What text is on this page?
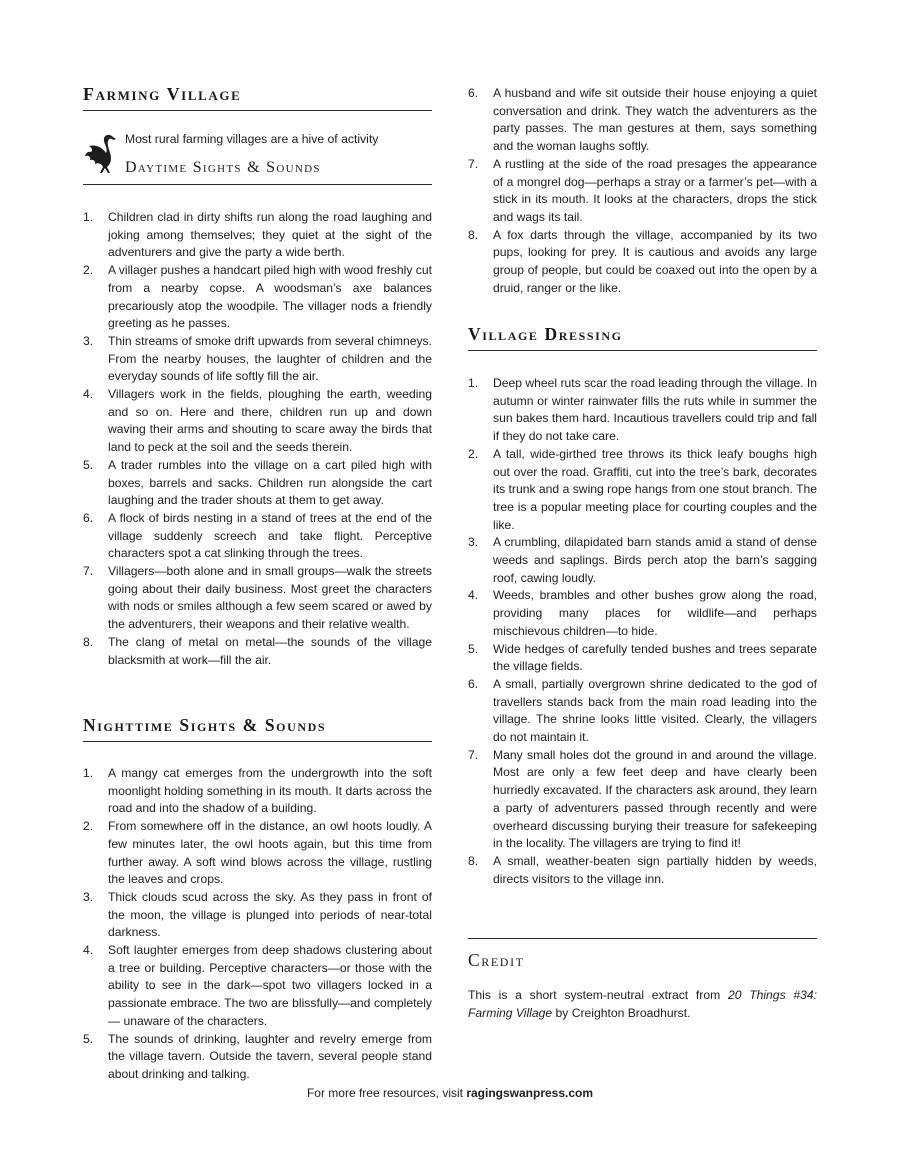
Farming Village
Most rural farming villages are a hive of activity
Daytime Sights & Sounds
1. Children clad in dirty shifts run along the road laughing and joking among themselves; they quiet at the sight of the adventurers and give the party a wide berth.
2. A villager pushes a handcart piled high with wood freshly cut from a nearby copse. A woodsman’s axe balances precariously atop the woodpile. The villager nods a friendly greeting as he passes.
3. Thin streams of smoke drift upwards from several chimneys. From the nearby houses, the laughter of children and the everyday sounds of life softly fill the air.
4. Villagers work in the fields, ploughing the earth, weeding and so on. Here and there, children run up and down waving their arms and shouting to scare away the birds that land to peck at the soil and the seeds therein.
5. A trader rumbles into the village on a cart piled high with boxes, barrels and sacks. Children run alongside the cart laughing and the trader shouts at them to get away.
6. A flock of birds nesting in a stand of trees at the end of the village suddenly screech and take flight. Perceptive characters spot a cat slinking through the trees.
7. Villagers—both alone and in small groups—walk the streets going about their daily business. Most greet the characters with nods or smiles although a few seem scared or awed by the adventurers, their weapons and their relative wealth.
8. The clang of metal on metal—the sounds of the village blacksmith at work—fill the air.
Nighttime Sights & Sounds
1. A mangy cat emerges from the undergrowth into the soft moonlight holding something in its mouth. It darts across the road and into the shadow of a building.
2. From somewhere off in the distance, an owl hoots loudly. A few minutes later, the owl hoots again, but this time from further away. A soft wind blows across the village, rustling the leaves and crops.
3. Thick clouds scud across the sky. As they pass in front of the moon, the village is plunged into periods of near-total darkness.
4. Soft laughter emerges from deep shadows clustering about a tree or building. Perceptive characters—or those with the ability to see in the dark—spot two villagers locked in a passionate embrace. The two are blissfully—and completely— unaware of the characters.
5. The sounds of drinking, laughter and revelry emerge from the village tavern. Outside the tavern, several people stand about drinking and talking.
6. A husband and wife sit outside their house enjoying a quiet conversation and drink. They watch the adventurers as the party passes. The man gestures at them, says something and the woman laughs softly.
7. A rustling at the side of the road presages the appearance of a mongrel dog—perhaps a stray or a farmer’s pet—with a stick in its mouth. It looks at the characters, drops the stick and wags its tail.
8. A fox darts through the village, accompanied by its two pups, looking for prey. It is cautious and avoids any large group of people, but could be coaxed out into the open by a druid, ranger or the like.
Village Dressing
1. Deep wheel ruts scar the road leading through the village. In autumn or winter rainwater fills the ruts while in summer the sun bakes them hard. Incautious travellers could trip and fall if they do not take care.
2. A tall, wide-girthed tree throws its thick leafy boughs high out over the road. Graffiti, cut into the tree’s bark, decorates its trunk and a swing rope hangs from one stout branch. The tree is a popular meeting place for courting couples and the like.
3. A crumbling, dilapidated barn stands amid a stand of dense weeds and saplings. Birds perch atop the barn’s sagging roof, cawing loudly.
4. Weeds, brambles and other bushes grow along the road, providing many places for wildlife—and perhaps mischievous children—to hide.
5. Wide hedges of carefully tended bushes and trees separate the village fields.
6. A small, partially overgrown shrine dedicated to the god of travellers stands back from the main road leading into the village. The shrine looks little visited. Clearly, the villagers do not maintain it.
7. Many small holes dot the ground in and around the village. Most are only a few feet deep and have clearly been hurriedly excavated. If the characters ask around, they learn a party of adventurers passed through recently and were overheard discussing burying their treasure for safekeeping in the locality. The villagers are trying to find it!
8. A small, weather-beaten sign partially hidden by weeds, directs visitors to the village inn.
Credit
This is a short system-neutral extract from 20 Things #34: Farming Village by Creighton Broadhurst.
For more free resources, visit ragingswanpress.com
